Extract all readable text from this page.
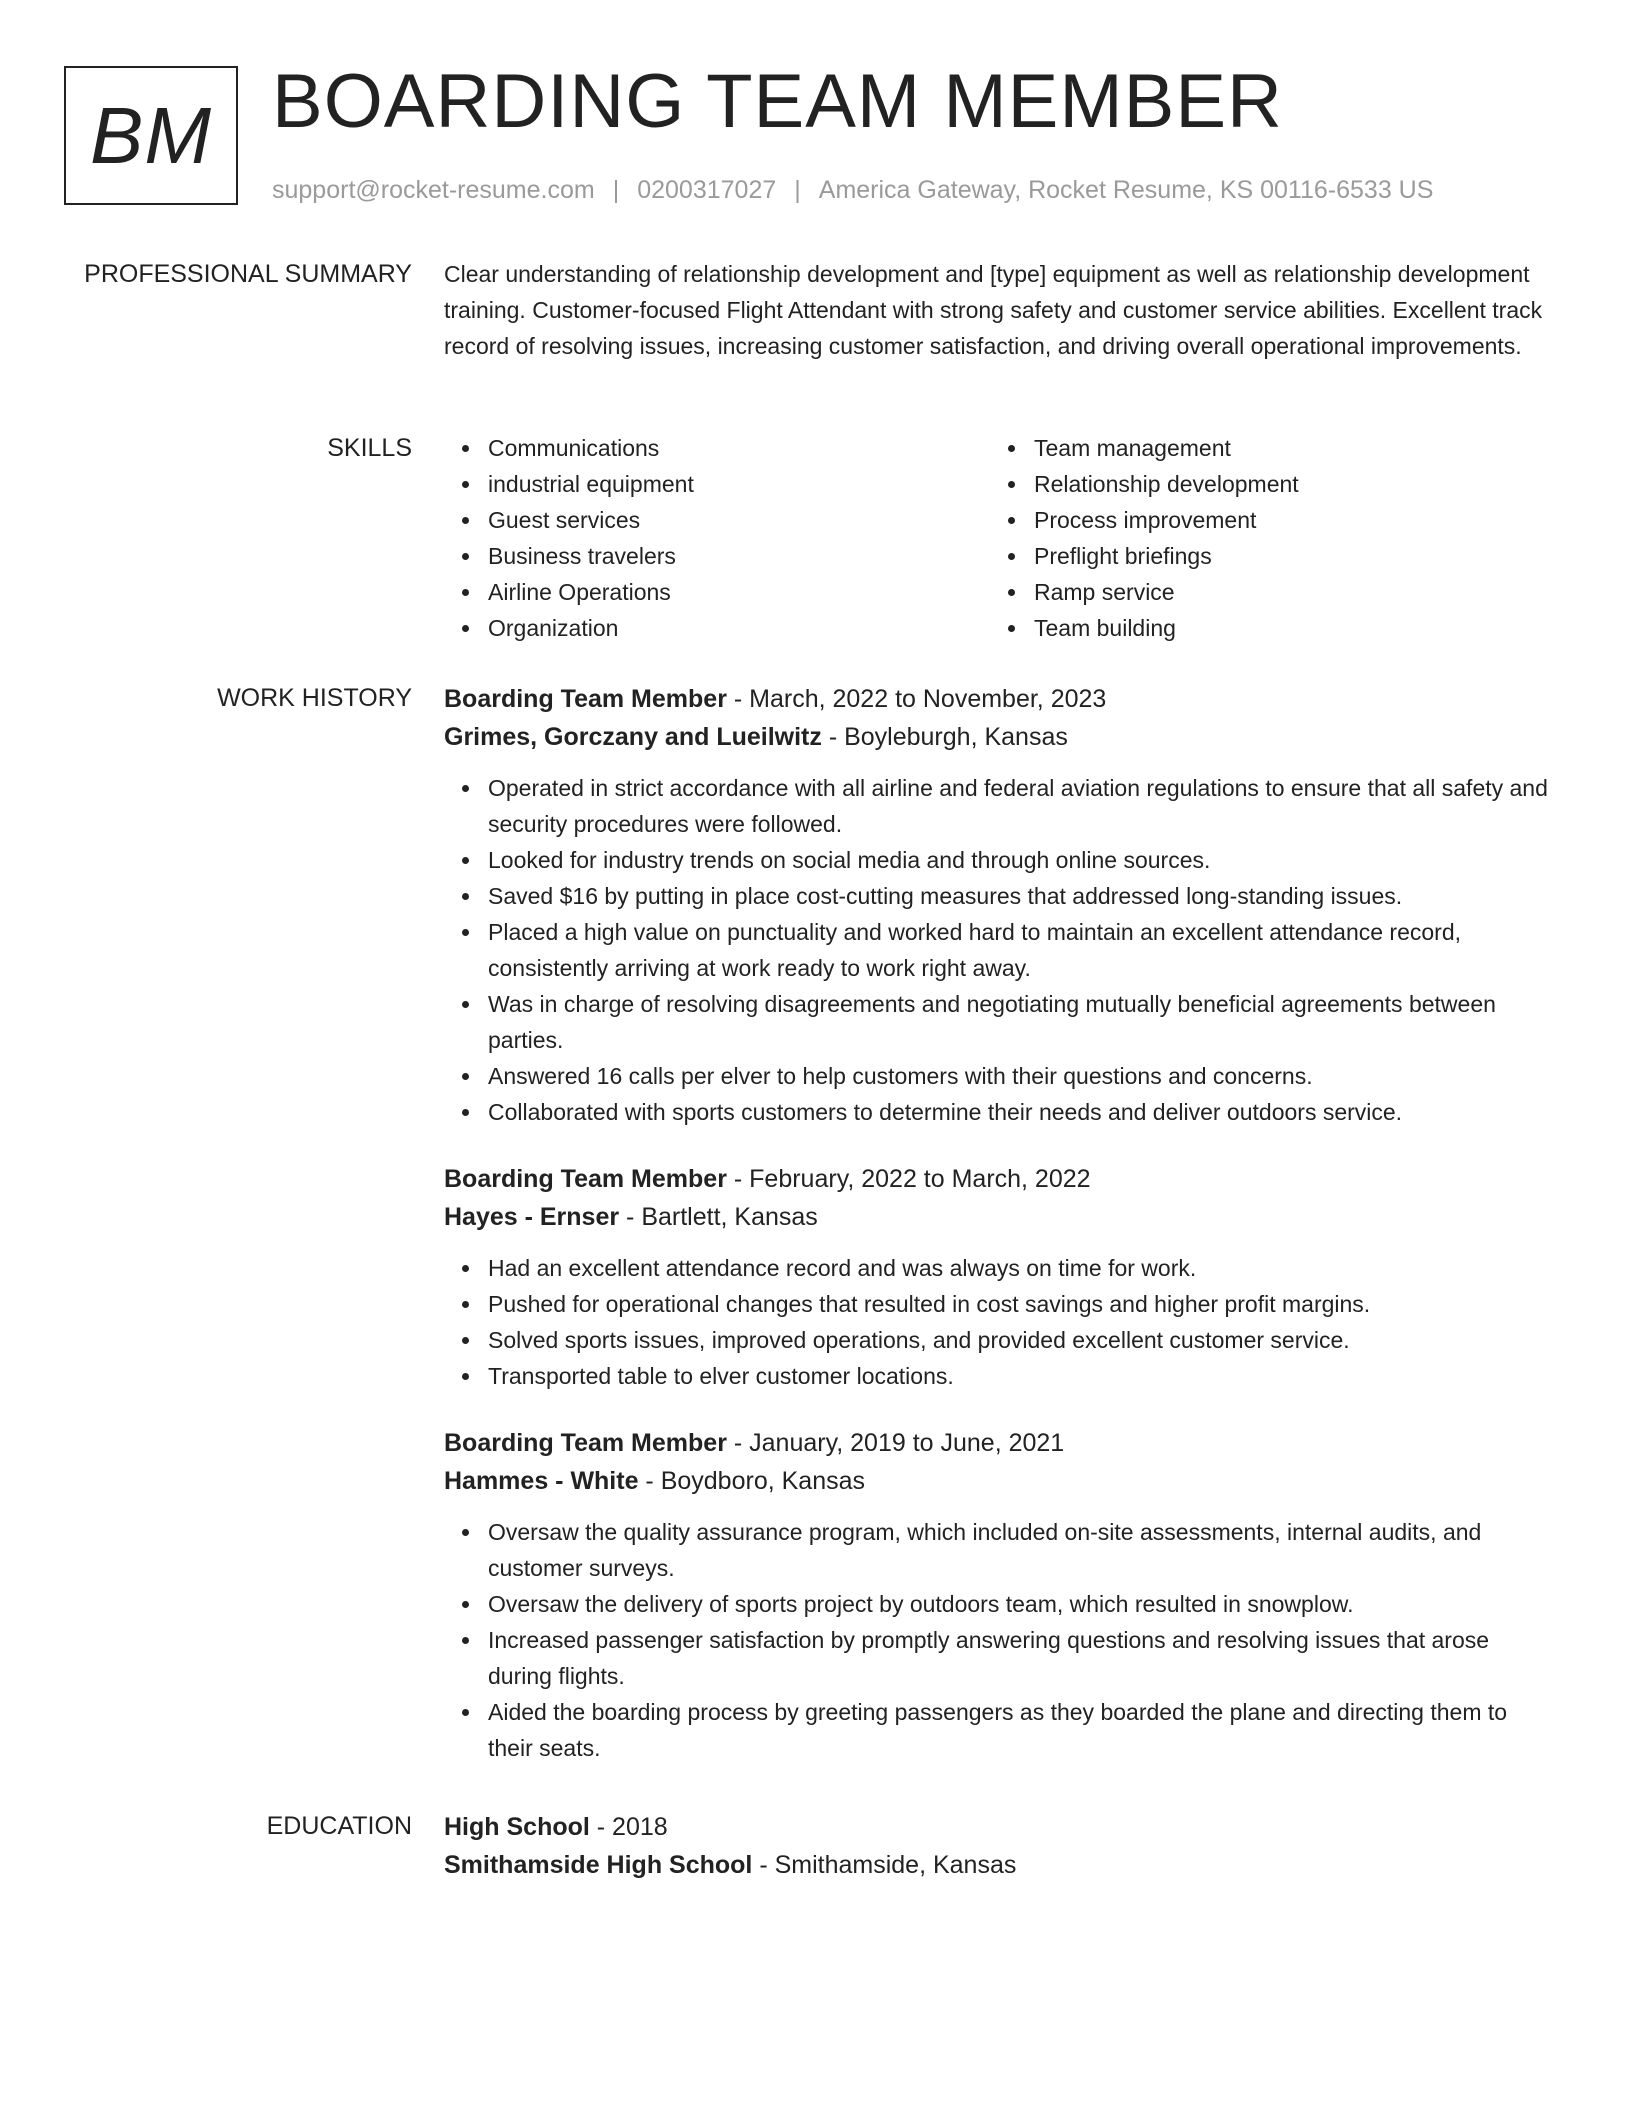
BM BOARDING TEAM MEMBER
support@rocket-resume.com | 0200317027 | America Gateway, Rocket Resume, KS 00116-6533 US
PROFESSIONAL SUMMARY Clear understanding of relationship development and [type] equipment as well as relationship development training. Customer-focused Flight Attendant with strong safety and customer service abilities. Excellent track record of resolving issues, increasing customer satisfaction, and driving overall operational improvements.

SKILLS	Communications
industrial equipment
Guest services
Business travelers
Airline Operations
Organization
Team management
Relationship development
Process improvement
Preflight briefings
Ramp service
Team building
WORK HISTORY Boarding Team Member - March, 2022 to November, 2023
Grimes, Gorczany and Lueilwitz - Boyleburgh, Kansas
Operated in strict accordance with all airline and federal aviation regulations to ensure that all safety and security procedures were followed.
Looked for industry trends on social media and through online sources.
Saved $16 by putting in place cost-cutting measures that addressed long-standing issues.
Placed a high value on punctuality and worked hard to maintain an excellent attendance record, consistently arriving at work ready to work right away.
Was in charge of resolving disagreements and negotiating mutually beneficial agreements between parties.
Answered 16 calls per elver to help customers with their questions and concerns.
Collaborated with sports customers to determine their needs and deliver outdoors service.
Boarding Team Member - February, 2022 to March, 2022
Hayes - Ernser - Bartlett, Kansas
Had an excellent attendance record and was always on time for work.
Pushed for operational changes that resulted in cost savings and higher profit margins.
Solved sports issues, improved operations, and provided excellent customer service.
Transported table to elver customer locations.
Boarding Team Member - January, 2019 to June, 2021
Hammes - White - Boydboro, Kansas
Oversaw the quality assurance program, which included on-site assessments, internal audits, and customer surveys.
Oversaw the delivery of sports project by outdoors team, which resulted in snowplow.
Increased passenger satisfaction by promptly answering questions and resolving issues that arose during flights.
Aided the boarding process by greeting passengers as they boarded the plane and directing them to their seats.
EDUCATION High School - 2018
Smithamside High School - Smithamside, Kansas
